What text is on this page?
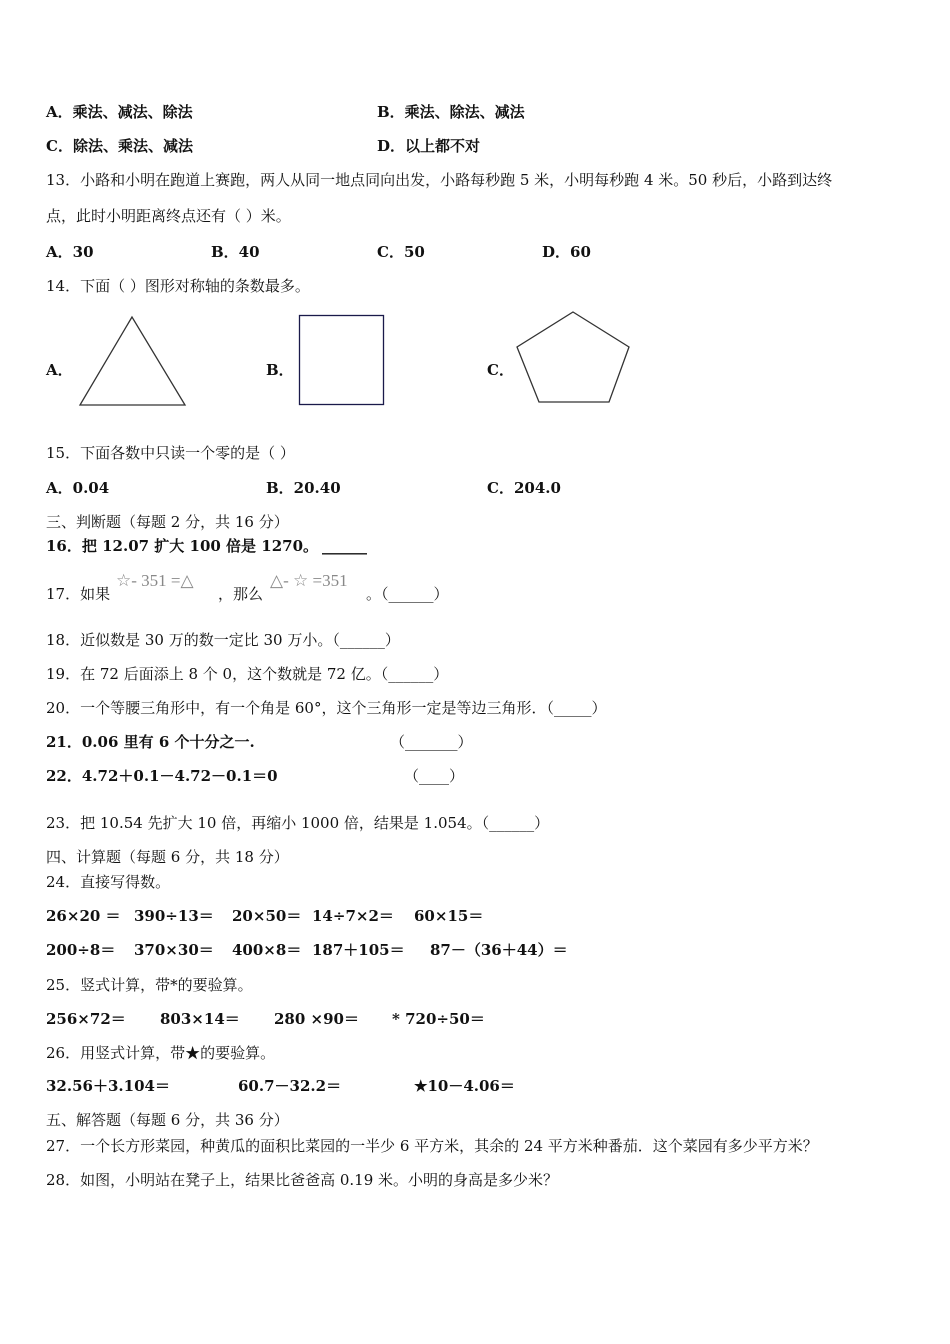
A．乘法、减法、除法	B．乘法、除法、减法
C．除法、乘法、减法	D．以上都不对
13．小路和小明在跑道上赛跑，两人从同一地点同向出发，小路每秒跑 5 米，小明每秒跑 4 米。50 秒后，小路到达终
点，此时小明距离终点还有（ ）米。
A．30	B．40	C．50	D．60
14．下面（ ）图形对称轴的条数最多。
A．	B．	C．
15．下面各数中只读一个零的是（ ）
A．0.04	B．20.40	C．204.0
三、判断题（每题 2 分，共 16 分）
16．把 12.07 扩大 100 倍是 1270。 ______
17．如果
☆- 351 =△
，那么
△- ☆ =351
。（______）
18．近似数是 30 万的数一定比 30 万小。（______）
19．在 72 后面添上 8 个 0，这个数就是 72 亿。（______）
20．一个等腰三角形中，有一个角是 60°，这个三角形一定是等边三角形．（_____）
21．0.06 里有 6 个十分之一.	（_______）
22．4.72＋0.1－4.72－0.1＝0	（____）
23．把 10.54 先扩大 10 倍，再缩小 1000 倍，结果是 1.054。（______）
四、计算题（每题 6 分，共 18 分）
24．直接写得数。
26×20 ＝ 390÷13＝ 20×50＝ 14÷7×2＝ 60×15＝
200÷8＝ 370×30＝ 400×8＝ 187＋105＝ 87－（36＋44）＝
25．竖式计算，带*的要验算。
256×72＝ 803×14＝ 280 ×90＝ * 720÷50＝
26．用竖式计算，带★的要验算。
32.56＋3.104＝	60.7－32.2＝	★10－4.06＝
五、解答题（每题 6 分，共 36 分）
27．一个长方形菜园，种黄瓜的面积比菜园的一半少 6 平方米，其余的 24 平方米种番茄．这个菜园有多少平方米？
28．如图，小明站在凳子上，结果比爸爸高 0.19 米。小明的身高是多少米？
